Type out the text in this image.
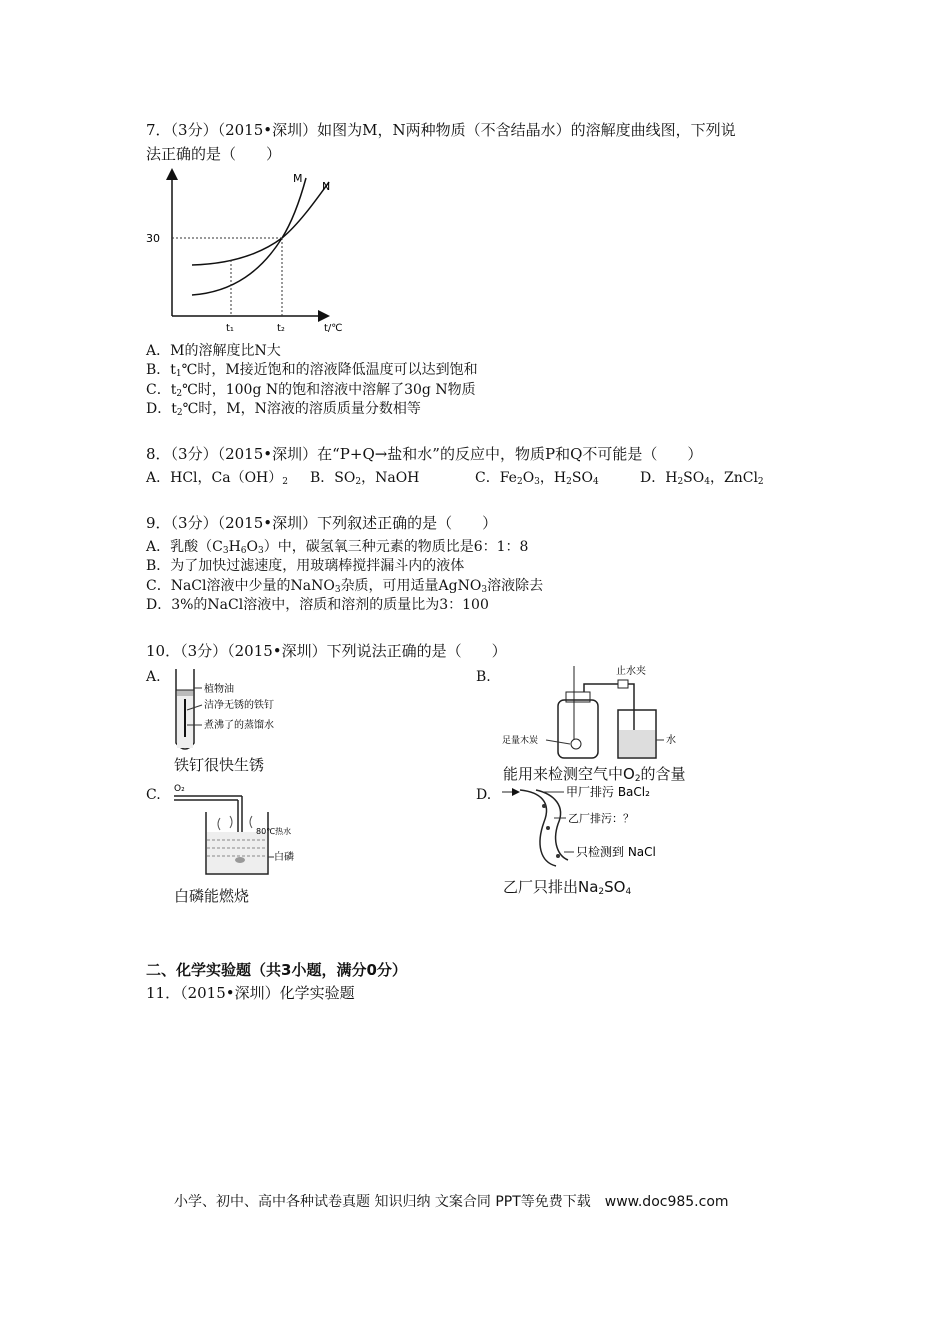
7．（3分）（2015•深圳）如图为M，N两种物质（不含结晶水）的溶解度曲线图，下列说
法正确的是（　　）
M
N
30
t₁	t₂	t/℃
A．M的溶解度比N大
B．$t_1℃$时，M接近饱和的溶液降低温度可以达到饱和
C．$t_2℃$时，100g N的饱和溶液中溶解了30g N物质
D．$t_2℃$时，M，N溶液的溶质质量分数相等
8．（3分）（2015•深圳）在“P+Q→盐和水”的反应中，物质P和Q不可能是（　　）
A．HCl，$Ca(OH)_2$ B．$SO_2$，NaOH	C．$Fe_2O_3$，$H_2SO_4$	D．$H_2SO_4$，ZnCl$_2$
9．（3分）（2015•深圳）下列叙述正确的是（　　）
A．乳酸$(C_3H_6O_3)$中，碳氢氧三种元素的物质比是6：1：8
B．为了加快过滤速度，用玻璃棒搅拌漏斗内的液体
C．NaCl溶液中少量的NaNO$_3$杂质，可用适量AgNO$_3$溶液除去
D．3%的NaCl溶液中，溶质和溶剂的质量比为3：100
10．（3分）（2015•深圳）下列说法正确的是（　　）
A.
植物油
洁净无锈的铁钉
煮沸了的蒸馏水
铁钉很快生锈
B.	止水夹
足量木炭	水
能用来检测空气中$O_2$的含量
C. O₂
80℃热水
白磷
白磷能燃烧
D.	甲厂排污 BaCl₂
乙厂排污：？
只检测到 NaCl
乙厂只排出$Na_2SO_4$
二、化学实验题（共3小题，满分0分）
11．（2015•深圳）化学实验题
小学、初中、高中各种试卷真题 知识归纳 文案合同 PPT等免费下载　www.doc985.com
